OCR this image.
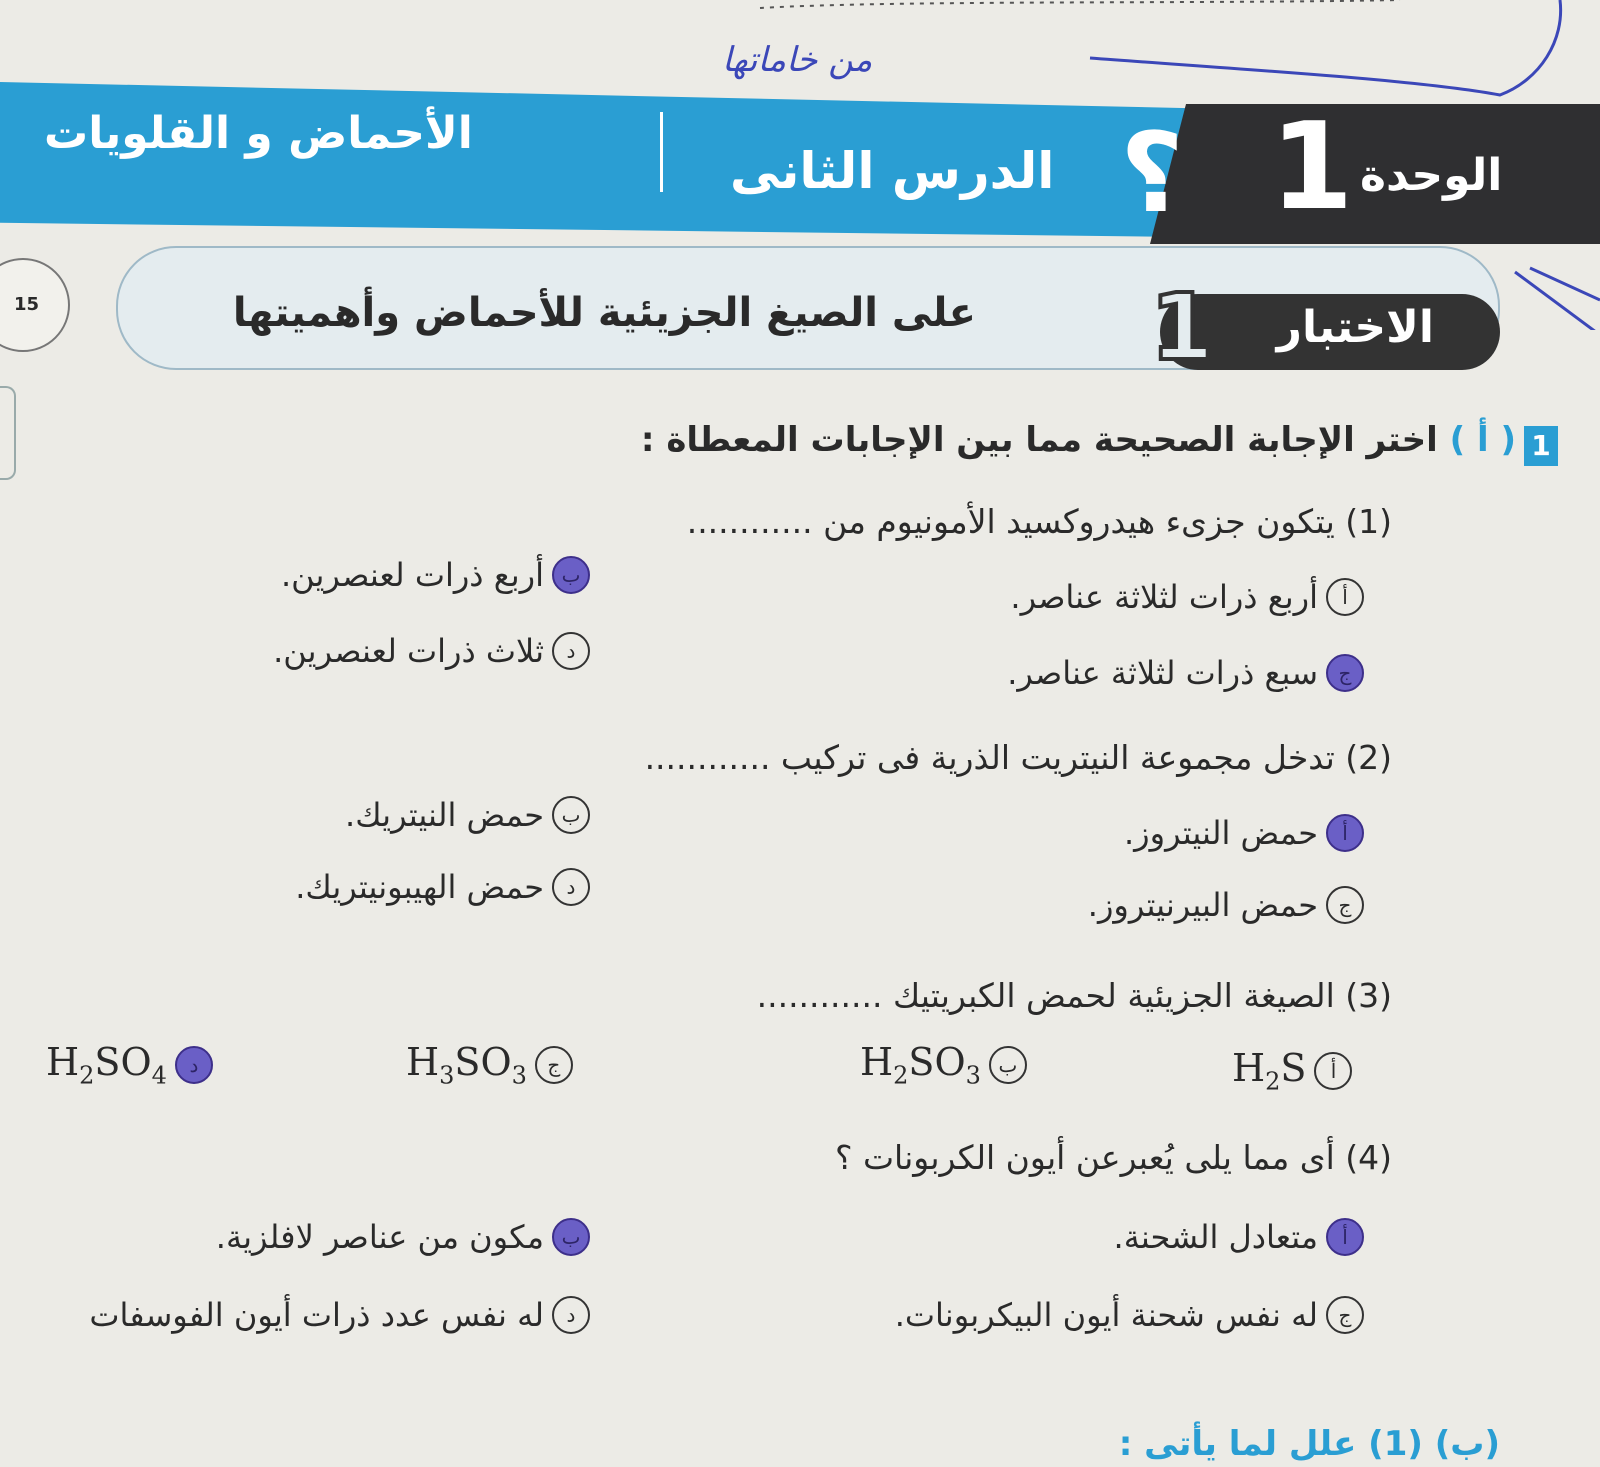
من خاماتها
الأحماض و القلويات
الدرس الثانى ؟ 1 الوحدة
15	على الصيغ الجزيئية للأحماض وأهميتها 1 الاختبار
1
( أ ) اختر الإجابة الصحيحة مما بين الإجابات المعطاة :
(1) يتكون جزىء هيدروكسيد الأمونيوم من ............
أ
أربع ذرات لثلاثة عناصر.
ب
أربع ذرات لعنصرين.
ج
سبع ذرات لثلاثة عناصر.
د
ثلاث ذرات لعنصرين.
(2) تدخل مجموعة النيتريت الذرية فى تركيب ............
أ
حمض النيتروز.
ب
حمض النيتريك.
ج
حمض البيرنيتروز.
د
حمض الهيبونيتريك.
(3) الصيغة الجزيئية لحمض الكبريتيك ............
أ
$H_2S$
ب
$H_2SO_3$
ج
$H_3SO_3$
د
$H_2SO_4$
(4) أى مما يلى يُعبرعن أيون الكربونات ؟
أ
متعادل الشحنة.
ب
مكون من عناصر لافلزية.
ج
له نفس شحنة أيون البيكربونات.
د
له نفس عدد ذرات أيون الفوسفات
(ب) (1) علل لما يأتى :
